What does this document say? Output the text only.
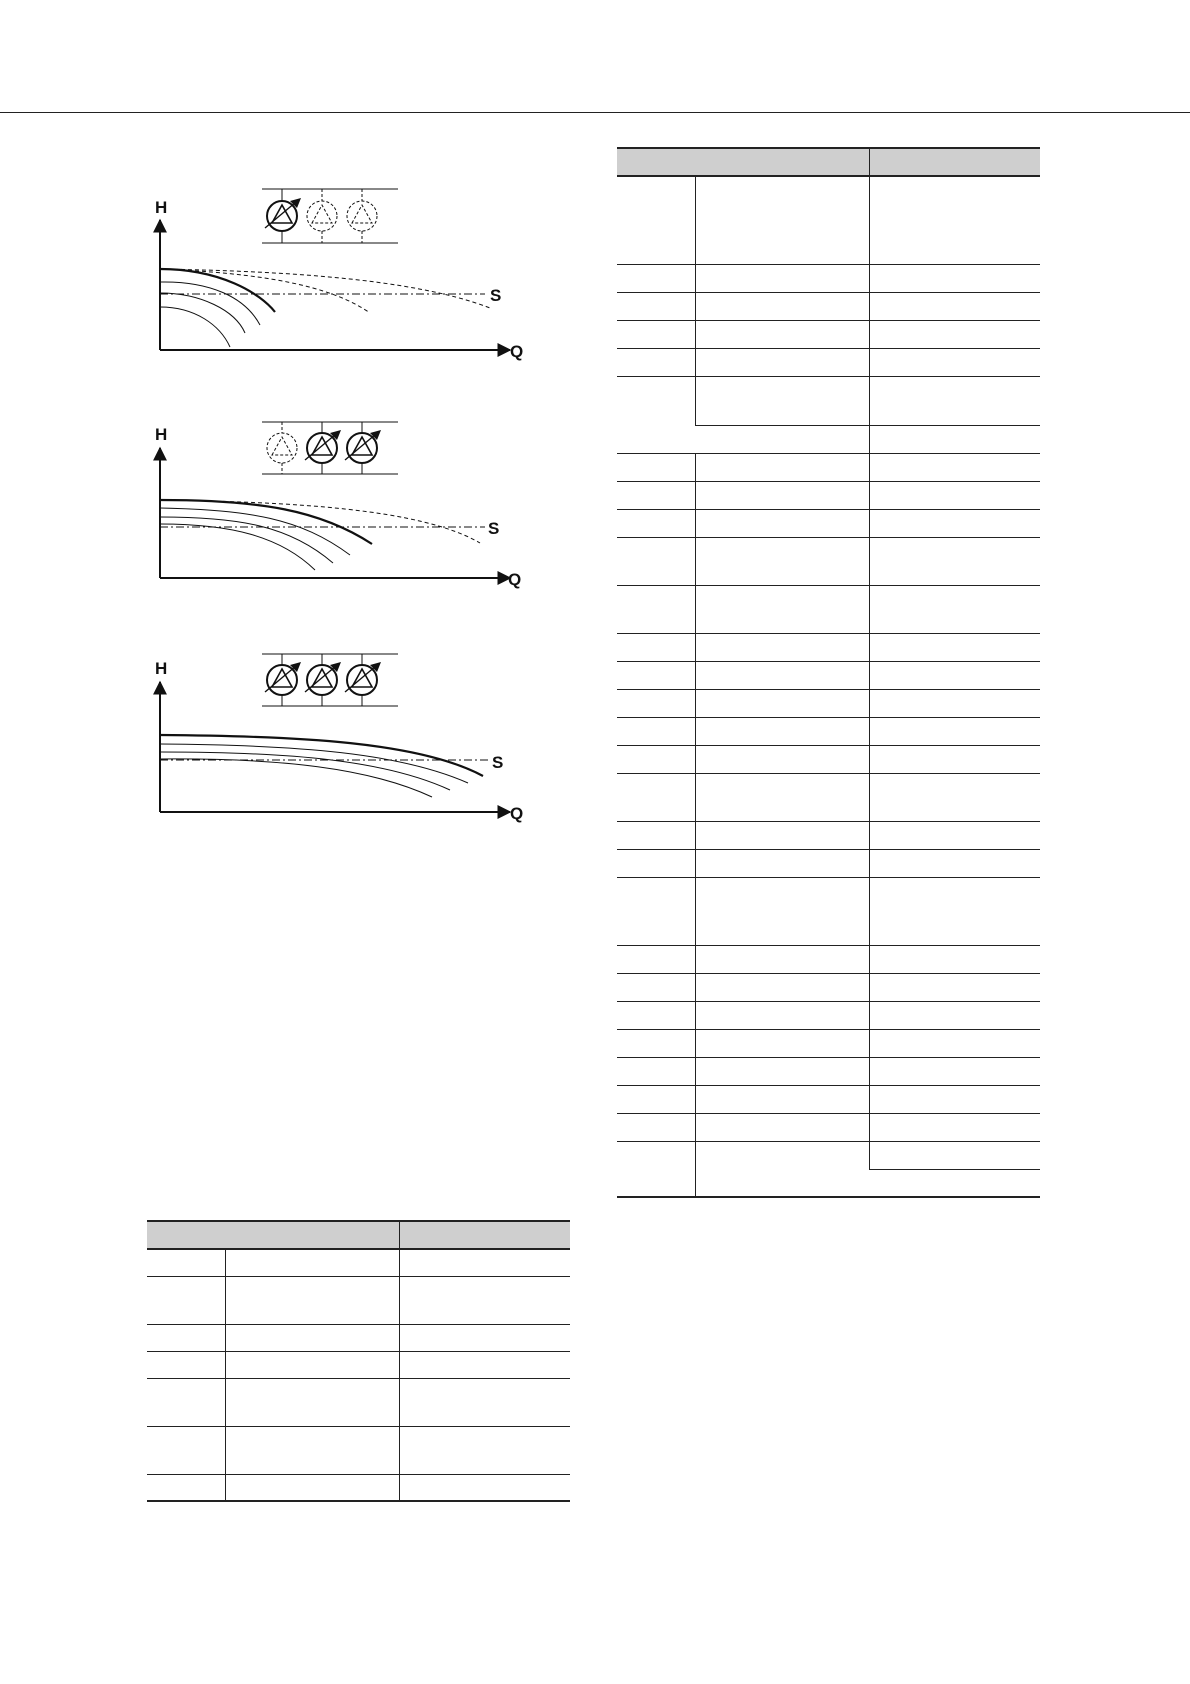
H
Q
S
H
Q
S
H
Q
S
